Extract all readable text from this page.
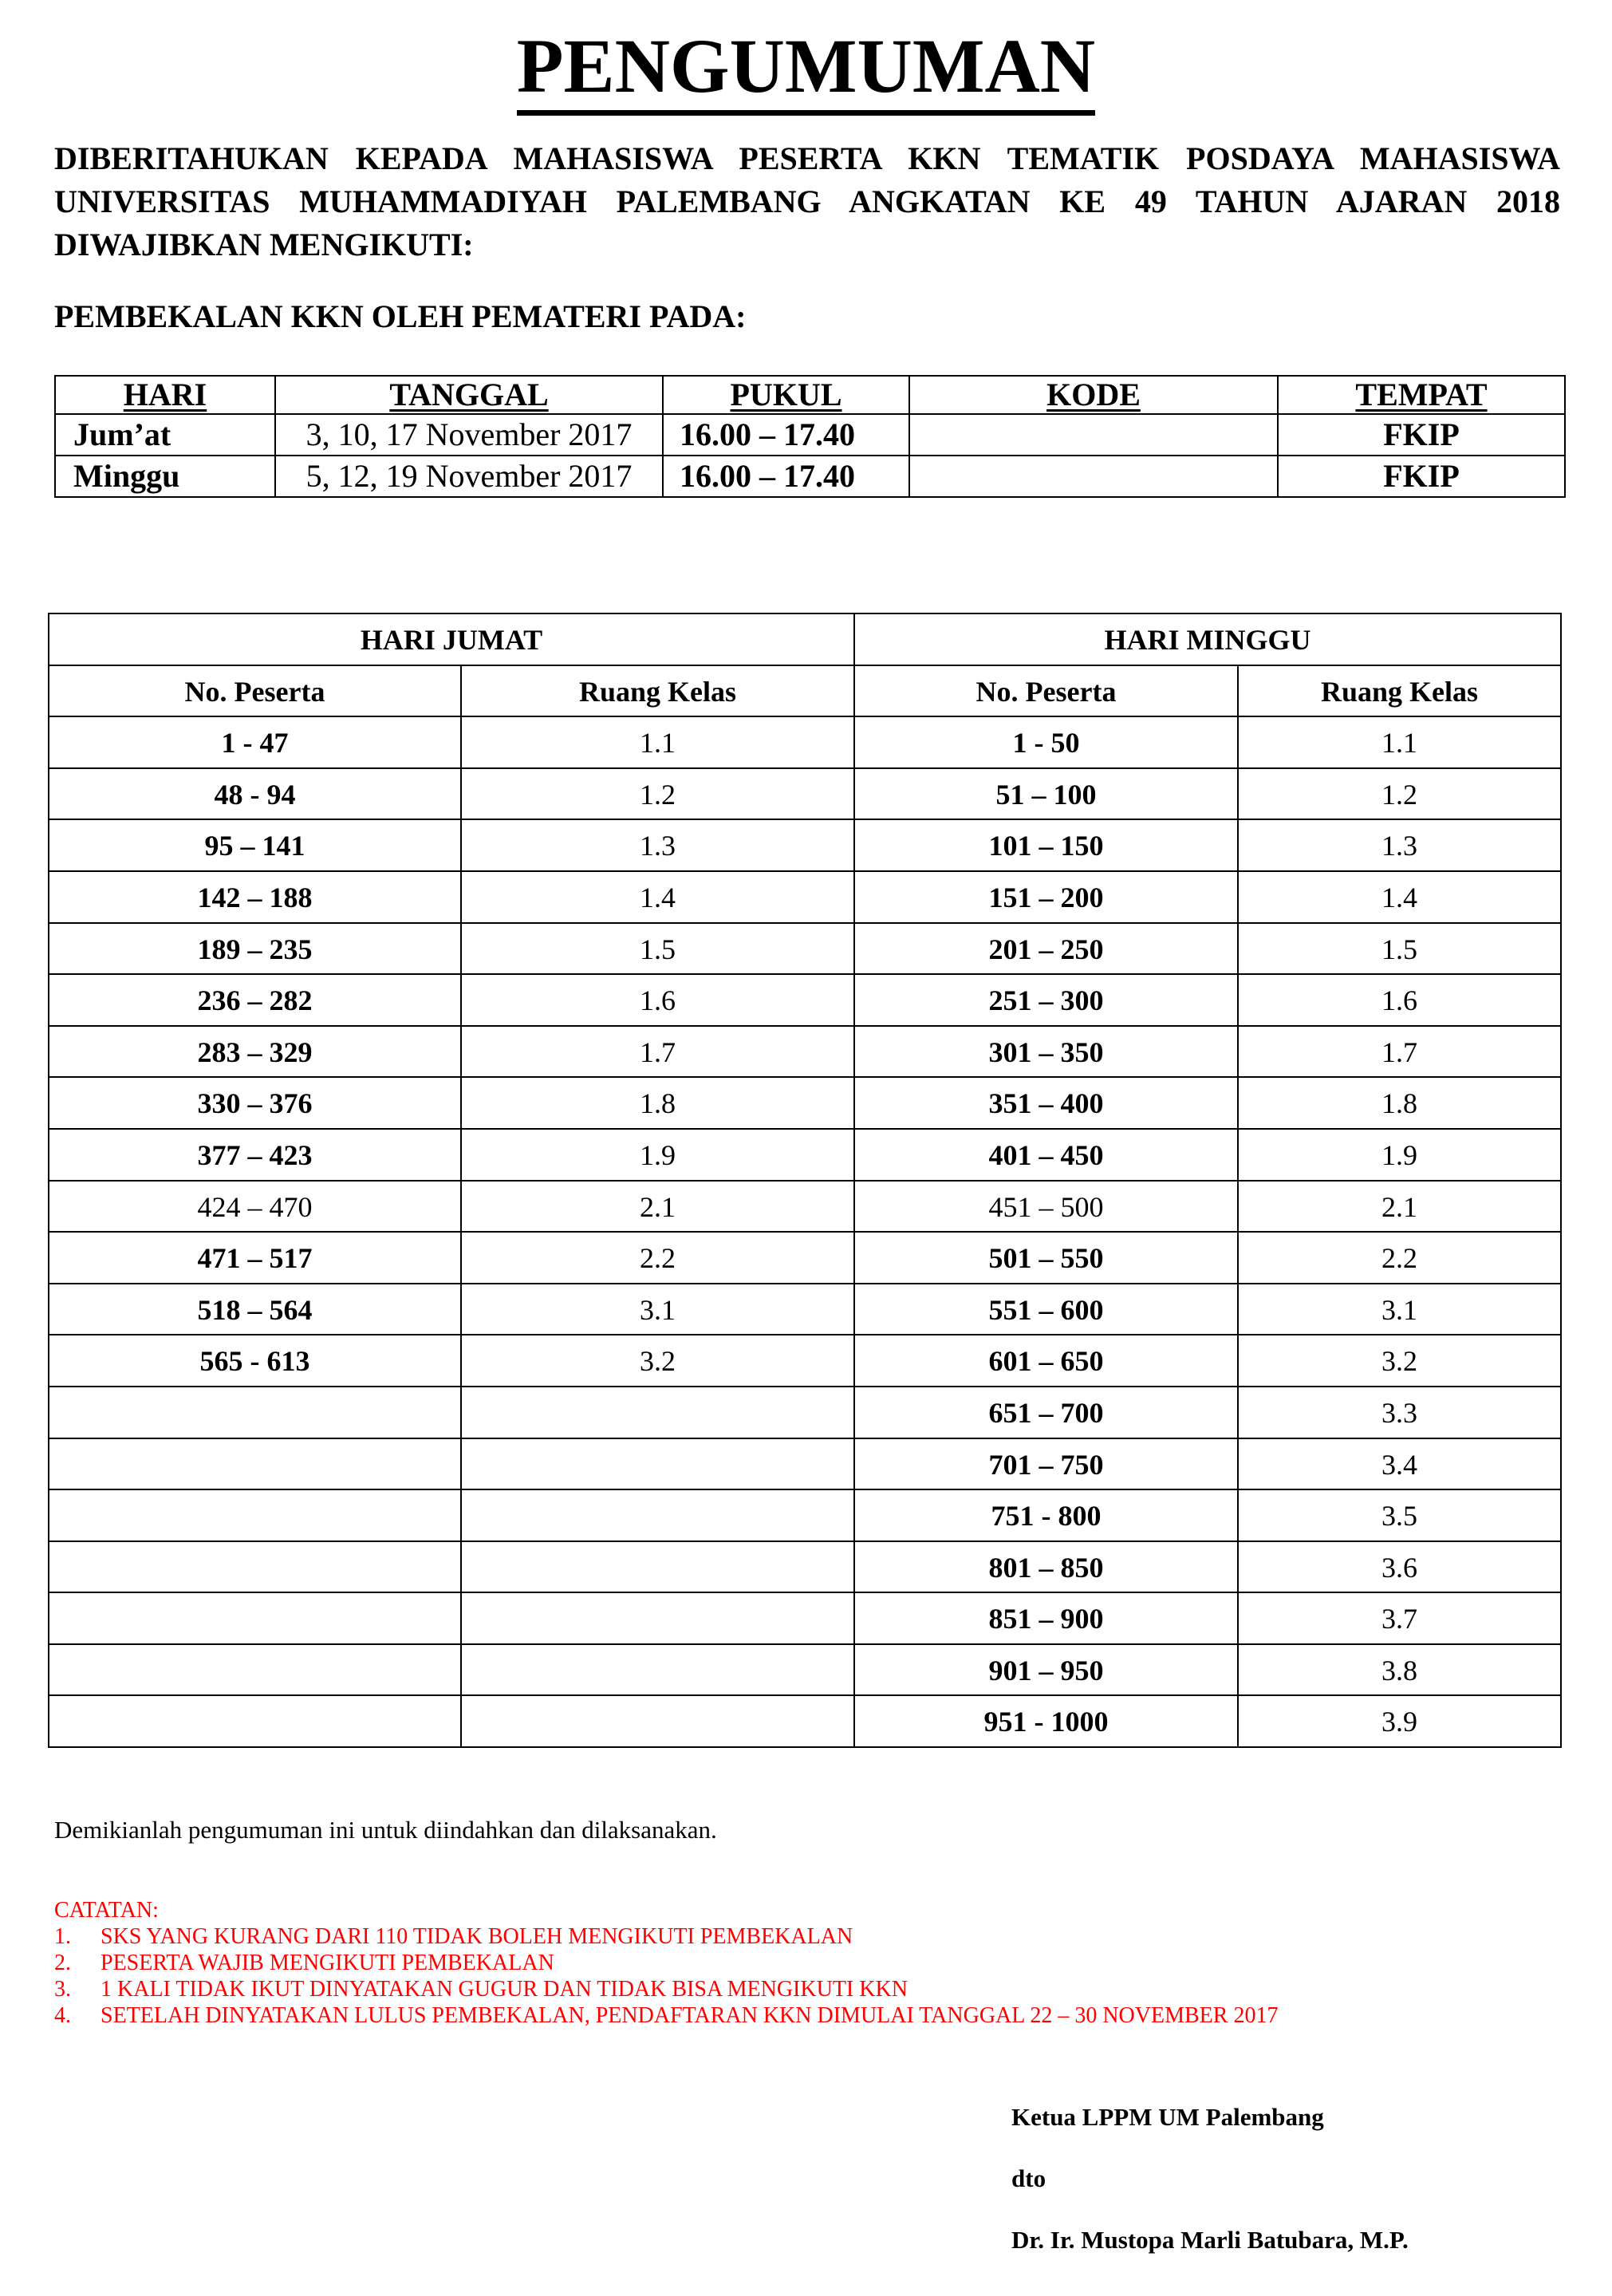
PENGUMUMAN
DIBERITAHUKAN KEPADA MAHASISWA PESERTA KKN TEMATIK POSDAYA MAHASISWA UNIVERSITAS MUHAMMADIYAH PALEMBANG ANGKATAN KE 49 TAHUN AJARAN 2018 DIWAJIBKAN MENGIKUTI:
PEMBEKALAN KKN OLEH PEMATERI PADA:
HARI	TANGGAL	PUKUL	KODE	TEMPAT
Jum’at	3, 10, 17 November 2017	16.00 – 17.40		FKIP
Minggu	5, 12, 19 November 2017	16.00 – 17.40		FKIP
HARI JUMAT		HARI MINGGU	
No. Peserta	Ruang Kelas	No. Peserta	Ruang Kelas
1 - 47	1.1	1 - 50	1.1
48 - 94	1.2	51 – 100	1.2
95 – 141	1.3	101 – 150	1.3
142 – 188	1.4	151 – 200	1.4
189 – 235	1.5	201 – 250	1.5
236 – 282	1.6	251 – 300	1.6
283 – 329	1.7	301 – 350	1.7
330 – 376	1.8	351 – 400	1.8
377 – 423	1.9	401 – 450	1.9
424 – 470	2.1	451 – 500	2.1
471 – 517	2.2	501 – 550	2.2
518 – 564	3.1	551 – 600	3.1
565 - 613	3.2	601 – 650	3.2
		651 – 700	3.3
		701 – 750	3.4
		751 - 800	3.5
		801 – 850	3.6
		851 – 900	3.7
		901 – 950	3.8
		951 - 1000	3.9
Demikianlah pengumuman ini untuk diindahkan dan dilaksanakan.
CATATAN:
1.	SKS YANG KURANG DARI 110 TIDAK BOLEH MENGIKUTI PEMBEKALAN
2.	PESERTA WAJIB MENGIKUTI PEMBEKALAN
3.	1 KALI TIDAK IKUT DINYATAKAN GUGUR DAN TIDAK BISA MENGIKUTI KKN
4.	SETELAH DINYATAKAN LULUS PEMBEKALAN, PENDAFTARAN KKN DIMULAI TANGGAL 22 – 30 NOVEMBER 2017
Ketua LPPM UM Palembang
dto
Dr. Ir. Mustopa Marli Batubara, M.P.
